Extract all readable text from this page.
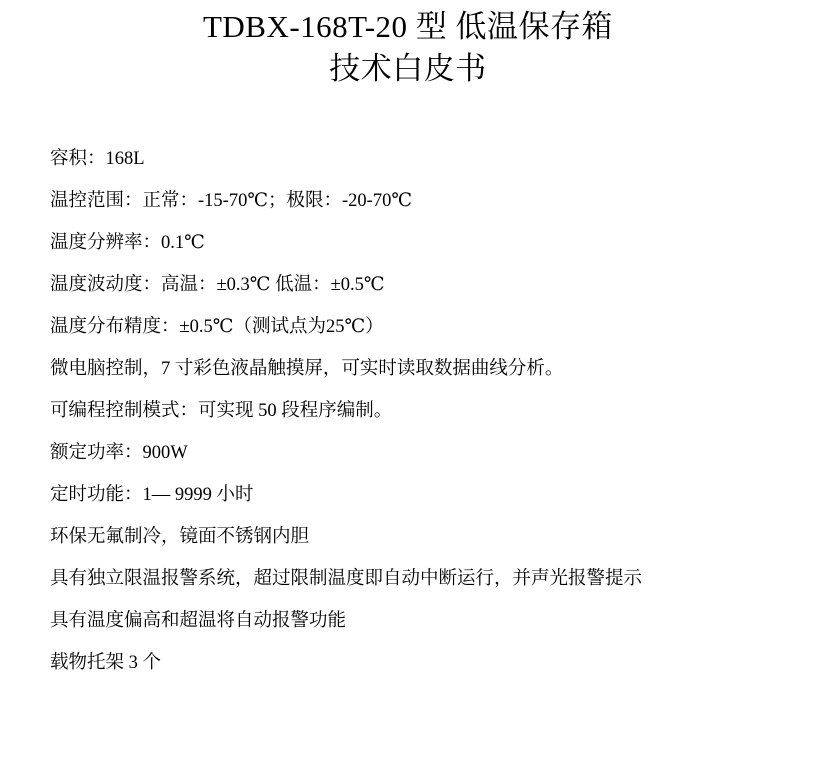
TDBX-168T-20 型 低温保存箱
技术白皮书
容积：168L
温控范围：正常：-15-70℃；极限：-20-70℃
温度分辨率：0.1℃
温度波动度：高温：±0.3℃ 低温：±0.5℃
温度分布精度：±0.5℃（测试点为25℃）
微电脑控制，7 寸彩色液晶触摸屏，可实时读取数据曲线分析。
可编程控制模式：可实现 50 段程序编制。
额定功率：900W
定时功能：1— 9999 小时
环保无氟制冷，镜面不锈钢内胆
具有独立限温报警系统，超过限制温度即自动中断运行，并声光报警提示
具有温度偏高和超温将自动报警功能
载物托架 3 个
